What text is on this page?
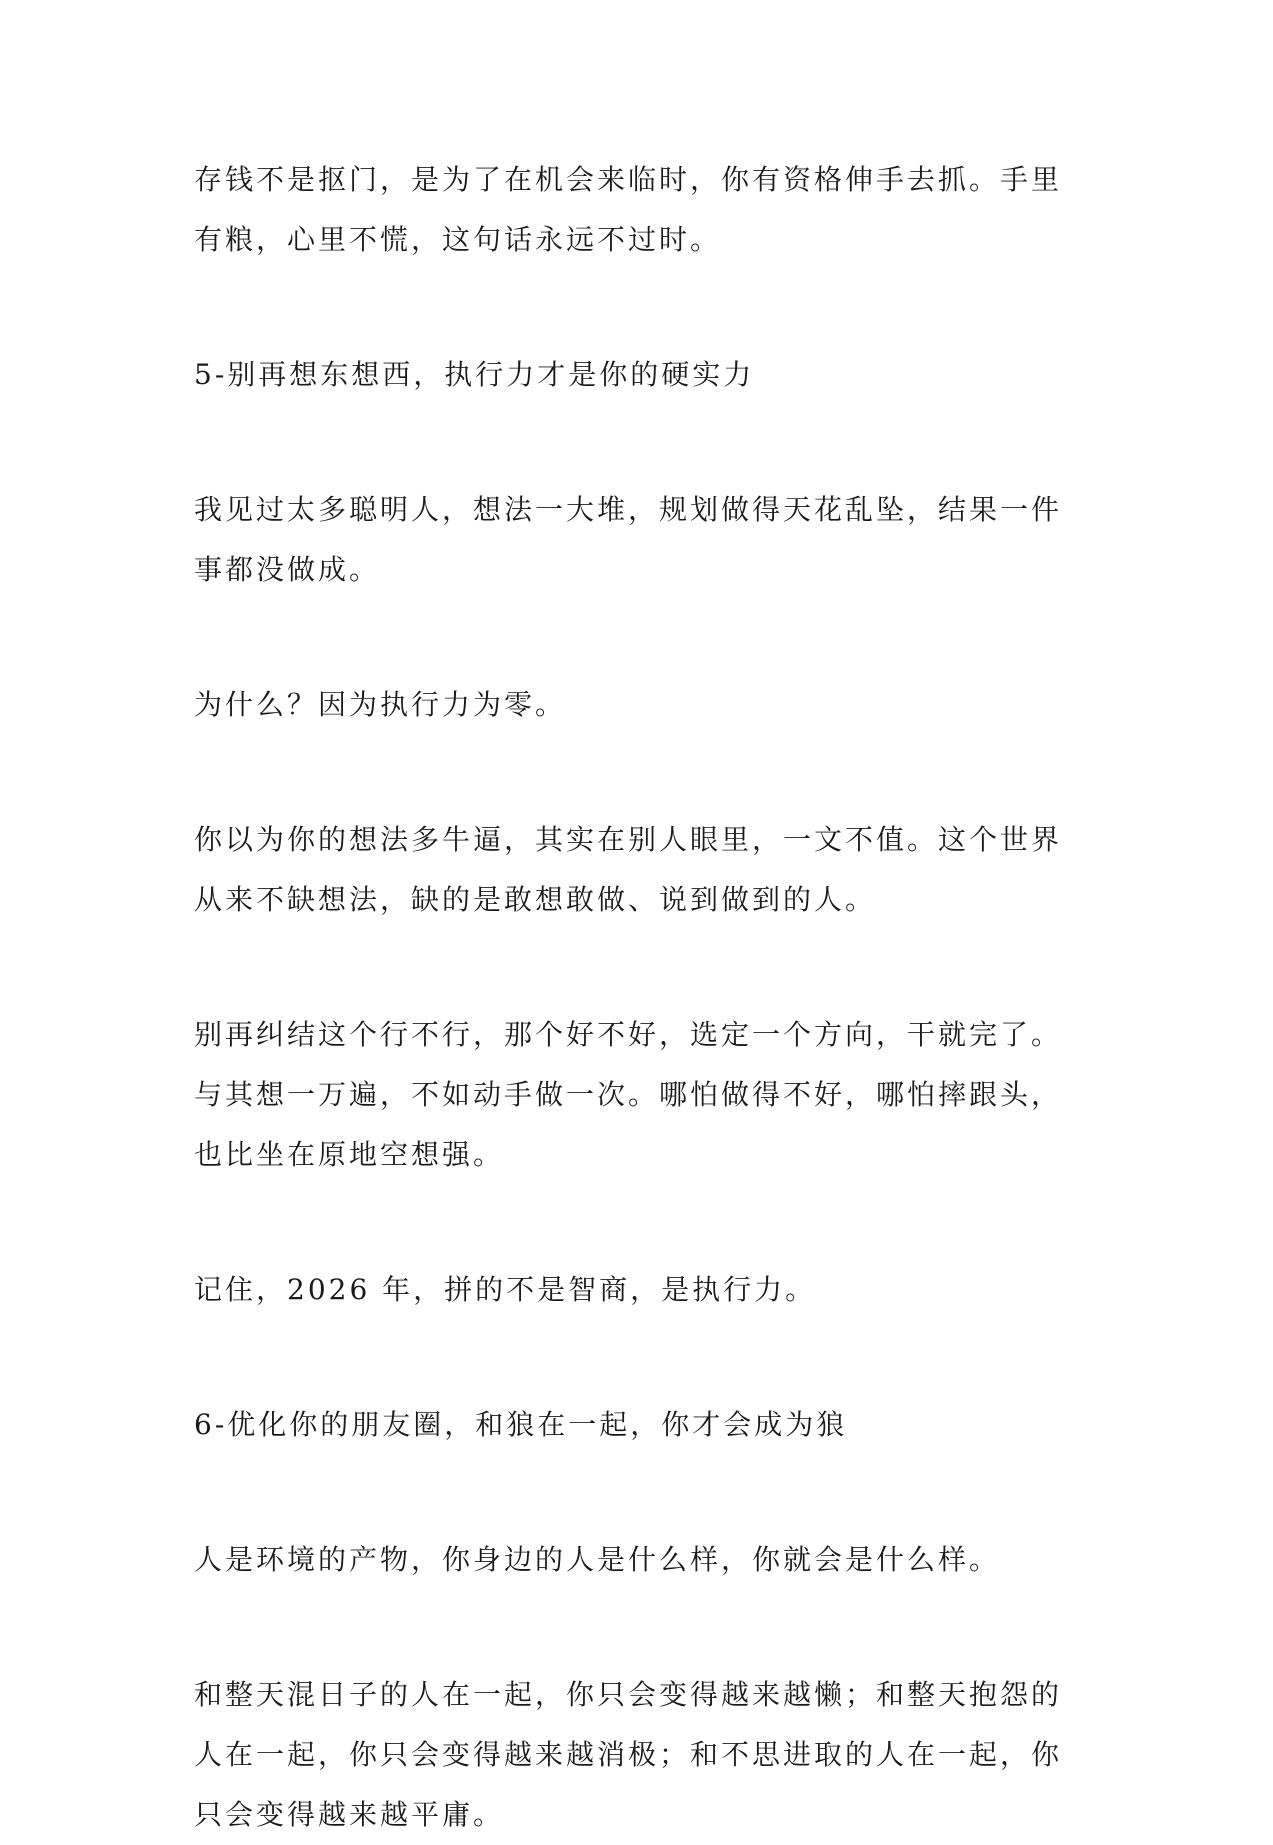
存钱不是抠门，是为了在机会来临时，你有资格伸手去抓。手里
有粮，心里不慌，这句话永远不过时。
5-别再想东想西，执行力才是你的硬实力
我见过太多聪明人，想法一大堆，规划做得天花乱坠，结果一件
事都没做成。
为什么？因为执行力为零。
你以为你的想法多牛逼，其实在别人眼里，一文不值。这个世界
从来不缺想法，缺的是敢想敢做、说到做到的人。
别再纠结这个行不行，那个好不好，选定一个方向，干就完了。
与其想一万遍，不如动手做一次。哪怕做得不好，哪怕摔跟头，
也比坐在原地空想强。
记住，2026 年，拼的不是智商，是执行力。
6-优化你的朋友圈，和狼在一起，你才会成为狼
人是环境的产物，你身边的人是什么样，你就会是什么样。
和整天混日子的人在一起，你只会变得越来越懒；和整天抱怨的
人在一起，你只会变得越来越消极；和不思进取的人在一起，你
只会变得越来越平庸。
